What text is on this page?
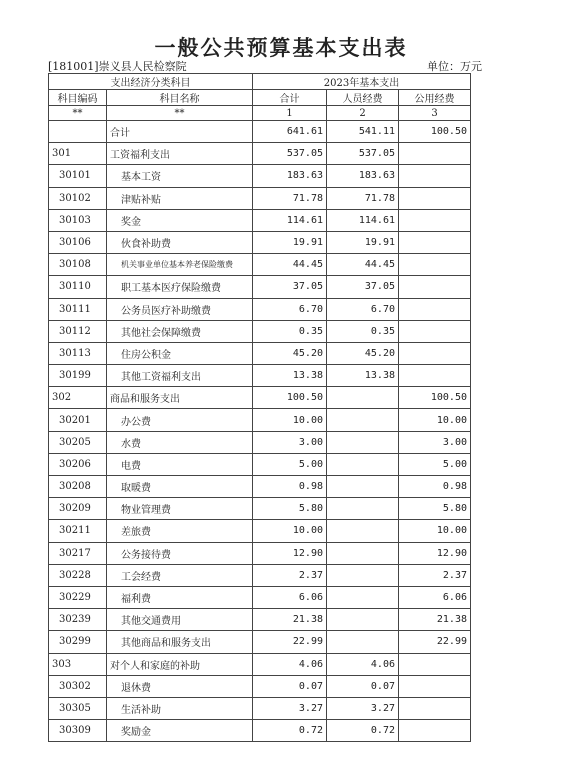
一般公共预算基本支出表
[181001]崇义县人民检察院	单位：万元
支出经济分类科目		2023年基本支出		
科目编码	科目名称	合计	人员经费	公用经费
**	**	1	2	3
	合计	641.61	541.11	100.50
301	工资福利支出	537.05	537.05	
30101	基本工资	183.63	183.63	
30102	津贴补贴	71.78	71.78	
30103	奖金	114.61	114.61	
30106	伙食补助费	19.91	19.91	
30108	机关事业单位基本养老保险缴费	44.45	44.45	
30110	职工基本医疗保险缴费	37.05	37.05	
30111	公务员医疗补助缴费	6.70	6.70	
30112	其他社会保障缴费	0.35	0.35	
30113	住房公积金	45.20	45.20	
30199	其他工资福利支出	13.38	13.38	
302	商品和服务支出	100.50		100.50
30201	办公费	10.00		10.00
30205	水费	3.00		3.00
30206	电费	5.00		5.00
30208	取暖费	0.98		0.98
30209	物业管理费	5.80		5.80
30211	差旅费	10.00		10.00
30217	公务接待费	12.90		12.90
30228	工会经费	2.37		2.37
30229	福利费	6.06		6.06
30239	其他交通费用	21.38		21.38
30299	其他商品和服务支出	22.99		22.99
303	对个人和家庭的补助	4.06	4.06	
30302	退休费	0.07	0.07	
30305	生活补助	3.27	3.27	
30309	奖励金	0.72	0.72	
